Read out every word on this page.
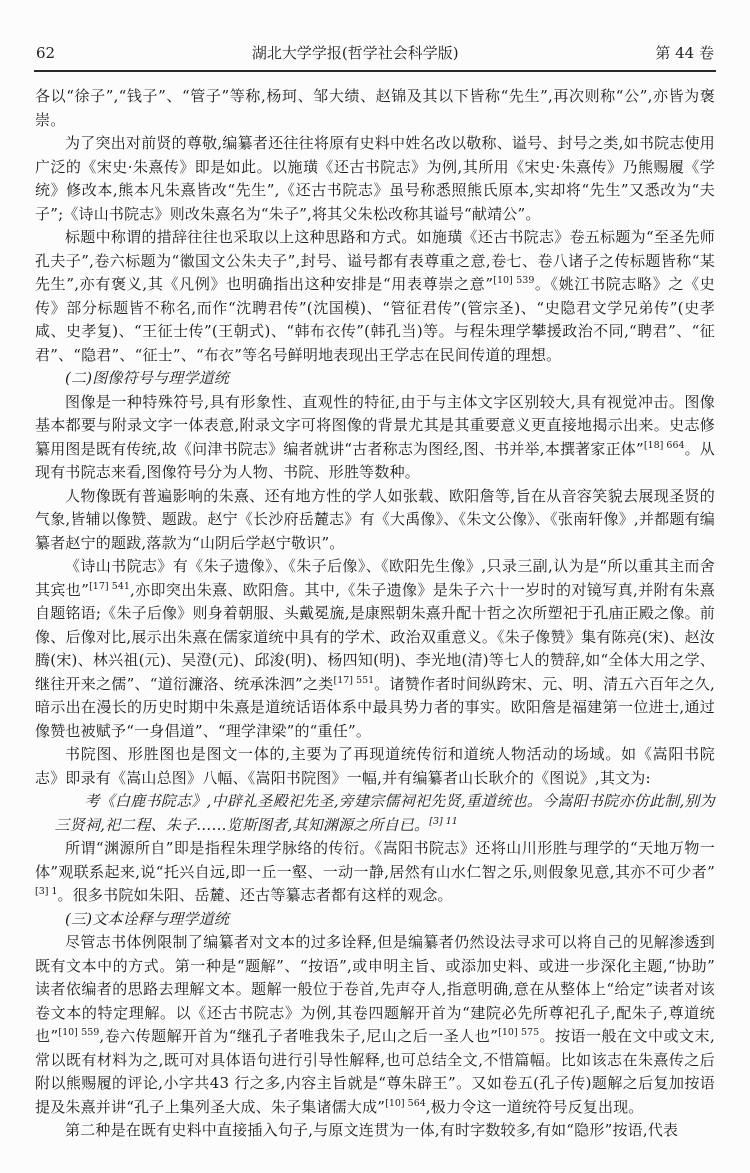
62	湖北大学学报(哲学社会科学版)	第 44 卷

各以“徐子”,“钱子”、“管子”等称,杨珂、邹大绩、赵锦及其以下皆称“先生”,再次则称“公”,亦皆为褒崇。

为了突出对前贤的尊敬,编纂者还往往将原有史料中姓名改以敬称、谥号、封号之类,如书院志使用广泛的《宋史·朱熹传》即是如此。以施璜《还古书院志》为例,其所用《宋史·朱熹传》乃熊赐履《学统》修改本,熊本凡朱熹皆改“先生”,《还古书院志》虽号称悉照熊氏原本,实却将“先生”又悉改为“夫子”;《诗山书院志》则改朱熹名为“朱子”,将其父朱松改称其谥号“献靖公”。

标题中称谓的措辞往往也采取以上这种思路和方式。如施璜《还古书院志》卷五标题为“至圣先师孔夫子”,卷六标题为“徽国文公朱夫子”,封号、谥号都有表尊重之意,卷七、卷八诸子之传标题皆称“某先生”,亦有褒义,其《凡例》也明确指出这种安排是“用表尊崇之意”$^{[10] 539}$。《姚江书院志略》之《史传》部分标题皆不称名,而作“沈聘君传”(沈国模)、“管征君传”(管宗圣)、“史隐君文学兄弟传”(史孝咸、史孝复)、“王征士传”(王朝式)、“韩布衣传”(韩孔当)等。与程朱理学攀援政治不同,“聘君”、“征君”、“隐君”、“征士”、“布衣”等名号鲜明地表现出王学志在民间传道的理想。

(二)图像符号与理学道统

图像是一种特殊符号,具有形象性、直观性的特征,由于与主体文字区别较大,具有视觉冲击。图像基本都要与附录文字一体表意,附录文字可将图像的背景尤其是其重要意义更直接地揭示出来。史志修纂用图是既有传统,故《问津书院志》编者就讲“古者称志为图经,图、书并举,本撰著家正体”$^{[18] 664}$。从现有书院志来看,图像符号分为人物、书院、形胜等数种。

人物像既有普遍影响的朱熹、还有地方性的学人如张载、欧阳詹等,旨在从音容笑貌去展现圣贤的气象,皆辅以像赞、题跋。赵宁《长沙府岳麓志》有《大禹像》、《朱文公像》、《张南轩像》,并都题有编纂者赵宁的题跋,落款为“山阴后学赵宁敬识”。

《诗山书院志》有《朱子遗像》、《朱子后像》、《欧阳先生像》,只录三副,认为是“所以重其主而舍其宾也”$^{[17] 541}$,亦即突出朱熹、欧阳詹。其中,《朱子遗像》是朱子六十一岁时的对镜写真,并附有朱熹自题铭语;《朱子后像》则身着朝服、头戴冕旒,是康熙朝朱熹升配十哲之次所塑祀于孔庙正殿之像。前像、后像对比,展示出朱熹在儒家道统中具有的学术、政治双重意义。《朱子像赞》集有陈亮(宋)、赵汝腾(宋)、林兴祖(元)、吴澄(元)、邱浚(明)、杨四知(明)、李光地(清)等七人的赞辞,如“全体大用之学、继往开来之儒”、“道衍濂洛、统承洙泗”之类$^{[17] 551}$。诸赞作者时间纵跨宋、元、明、清五六百年之久,暗示出在漫长的历史时期中朱熹是道统话语体系中最具势力者的事实。欧阳詹是福建第一位进士,通过像赞也被赋予“一身倡道”、“理学津梁”的“重任”。

书院图、形胜图也是图文一体的,主要为了再现道统传衍和道统人物活动的场域。如《嵩阳书院志》即录有《嵩山总图》八幅、《嵩阳书院图》一幅,并有编纂者山长耿介的《图说》,其文为:

考《白鹿书院志》,中辟礼圣殿祀先圣,旁建宗儒祠祀先贤,重道统也。今嵩阳书院亦仿此制,别为三贤祠,祀二程、朱子……览斯图者,其知渊源之所自已。$^{[3] 11}$

所谓“渊源所自”即是指程朱理学脉络的传衍。《嵩阳书院志》还将山川形胜与理学的“天地万物一体”观联系起来,说“托兴自远,即一丘一壑、一动一静,居然有山水仁智之乐,则假象见意,其亦不可少者”$^{[3] 1}$。很多书院如朱阳、岳麓、还古等纂志者都有这样的观念。

(三)文本诠释与理学道统

尽管志书体例限制了编纂者对文本的过多诠释,但是编纂者仍然设法寻求可以将自己的见解渗透到既有文本中的方式。第一种是“题解”、“按语”,或申明主旨、或添加史料、或进一步深化主题,“协助”读者依编者的思路去理解文本。题解一般位于卷首,先声夺人,指意明确,意在从整体上“给定”读者对该卷文本的特定理解。以《还古书院志》为例,其卷四题解开首为“建院必先所尊祀孔子,配朱子,尊道统也”$^{[10] 559}$,卷六传题解开首为“继孔子者唯我朱子,尼山之后一圣人也”$^{[10] 575}$。按语一般在文中或文末,常以既有材料为之,既可对具体语句进行引导性解释,也可总结全文,不惜篇幅。比如该志在朱熹传之后附以熊赐履的评论,小字共43 行之多,内容主旨就是“尊朱辟王”。又如卷五(孔子传)题解之后复加按语提及朱熹并讲“孔子上集列圣大成、朱子集诸儒大成”$^{[10] 564}$,极力令这一道统符号反复出现。

第二种是在既有史料中直接插入句子,与原文连贯为一体,有时字数较多,有如“隐形”按语,代表
